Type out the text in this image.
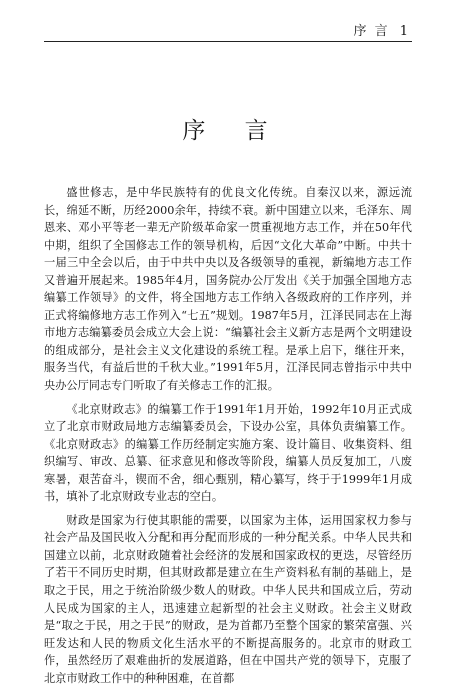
序 言 1
序 言

盛世修志，是中华民族特有的优良文化传统。自秦汉以来，源远流长，绵延不断，历经2000余年，持续不衰。新中国建立以来，毛泽东、周恩来、邓小平等老一辈无产阶级革命家一贯重视地方志工作，并在50年代中期，组织了全国修志工作的领导机构，后因“文化大革命”中断。中共十一届三中全会以后，由于中共中央以及各级领导的重视，新编地方志工作又普遍开展起来。1985年4月，国务院办公厅发出《关于加强全国地方志编纂工作领导》的文件，将全国地方志工作纳入各级政府的工作序列，并正式将编修地方志工作列入“七五”规划。1987年5月，江泽民同志在上海市地方志编纂委员会成立大会上说：“编纂社会主义新方志是两个文明建设的组成部分，是社会主义文化建设的系统工程。是承上启下，继往开来，服务当代，有益后世的千秋大业。”1991年5月，江泽民同志曾指示中共中央办公厅同志专门听取了有关修志工作的汇报。

《北京财政志》的编纂工作于1991年1月开始，1992年10月正式成立了北京市财政局地方志编纂委员会，下设办公室，具体负责编纂工作。《北京财政志》的编纂工作历经制定实施方案、设计篇目、收集资料、组织编写、审改、总纂、征求意见和修改等阶段，编纂人员反复加工，八废寒暑，艰苦奋斗，锲而不舍，细心甄别，精心纂写，终于于1999年1月成书，填补了北京财政专业志的空白。

财政是国家为行使其职能的需要，以国家为主体，运用国家权力参与社会产品及国民收入分配和再分配而形成的一种分配关系。中华人民共和国建立以前，北京财政随着社会经济的发展和国家政权的更迭，尽管经历了若干不同历史时期，但其财政都是建立在生产资料私有制的基础上，是取之于民，用之于统治阶级少数人的财政。中华人民共和国成立后，劳动人民成为国家的主人，迅速建立起新型的社会主义财政。社会主义财政是“取之于民，用之于民”的财政，是为首都乃至整个国家的繁荣富强、兴旺发达和人民的物质文化生活水平的不断提高服务的。北京市的财政工作，虽然经历了艰难曲折的发展道路，但在中国共产党的领导下，克服了北京市财政工作中的种种困难，在首都
